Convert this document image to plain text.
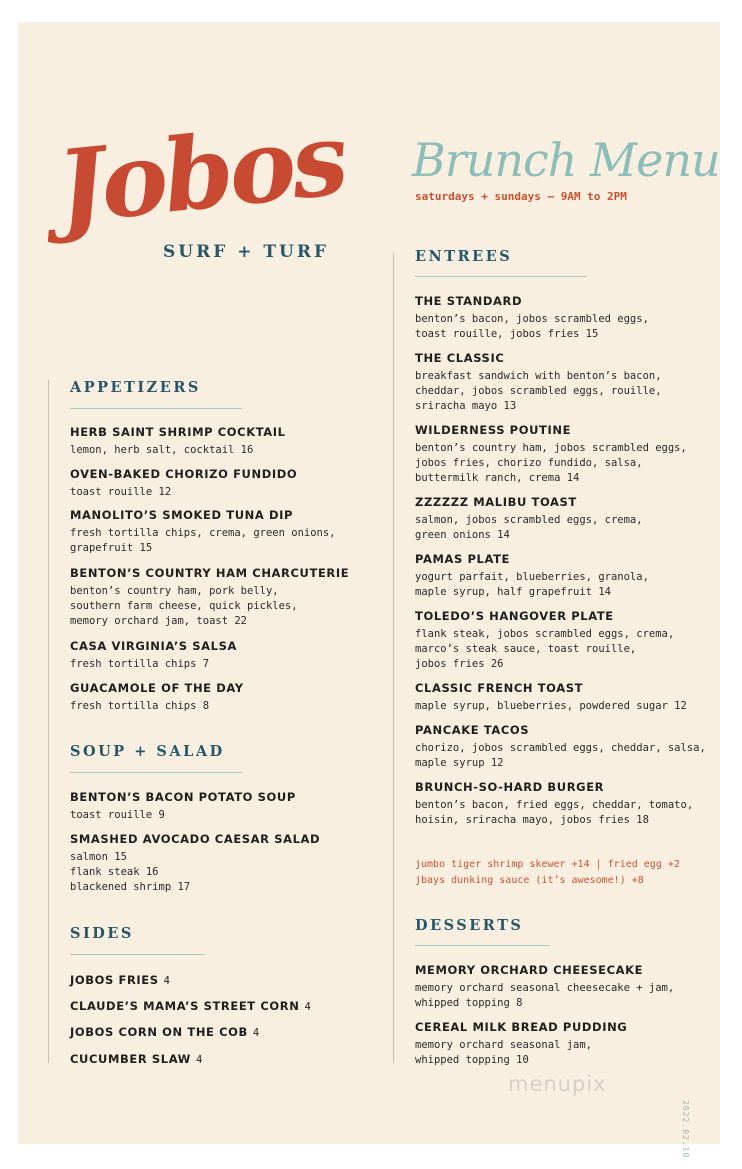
Jobos
SURF + TURF
Brunch Menu
saturdays + sundays — 9AM to 2PM
APPETIZERS
HERB SAINT SHRIMP COCKTAIL
lemon, herb salt, cocktail 16
OVEN-BAKED CHORIZO FUNDIDO
toast rouille 12
MANOLITO’S SMOKED TUNA DIP
fresh tortilla chips, crema, green onions,
grapefruit 15
BENTON’S COUNTRY HAM CHARCUTERIE
benton’s country ham, pork belly,
southern farm cheese, quick pickles,
memory orchard jam, toast 22
CASA VIRGINIA’S SALSA
fresh tortilla chips 7
GUACAMOLE OF THE DAY
fresh tortilla chips 8
SOUP + SALAD
BENTON’S BACON POTATO SOUP
toast rouille 9
SMASHED AVOCADO CAESAR SALAD
salmon 15
flank steak 16
blackened shrimp 17
SIDES
JOBOS FRIES 4
CLAUDE’S MAMA’S STREET CORN 4
JOBOS CORN ON THE COB 4
CUCUMBER SLAW 4
ENTREES
THE STANDARD
benton’s bacon, jobos scrambled eggs,
toast rouille, jobos fries 15
THE CLASSIC
breakfast sandwich with benton’s bacon,
cheddar, jobos scrambled eggs, rouille,
sriracha mayo 13
WILDERNESS POUTINE
benton’s country ham, jobos scrambled eggs,
jobos fries, chorizo fundido, salsa,
buttermilk ranch, crema 14
ZZZZZZ MALIBU TOAST
salmon, jobos scrambled eggs, crema,
green onions 14
PAMAS PLATE
yogurt parfait, blueberries, granola,
maple syrup, half grapefruit 14
TOLEDO’S HANGOVER PLATE
flank steak, jobos scrambled eggs, crema,
marco’s steak sauce, toast rouille,
jobos fries 26
CLASSIC FRENCH TOAST
maple syrup, blueberries, powdered sugar 12
PANCAKE TACOS
chorizo, jobos scrambled eggs, cheddar, salsa,
maple syrup 12
BRUNCH-SO-HARD BURGER
benton’s bacon, fried eggs, cheddar, tomato,
hoisin, sriracha mayo, jobos fries 18
jumbo tiger shrimp skewer +14 | fried egg +2
jbays dunking sauce (it’s awesome!) +8
DESSERTS
MEMORY ORCHARD CHEESECAKE
memory orchard seasonal cheesecake + jam,
whipped topping 8
CEREAL MILK BREAD PUDDING
memory orchard seasonal jam,
whipped topping 10
menupix
2022.02.10
